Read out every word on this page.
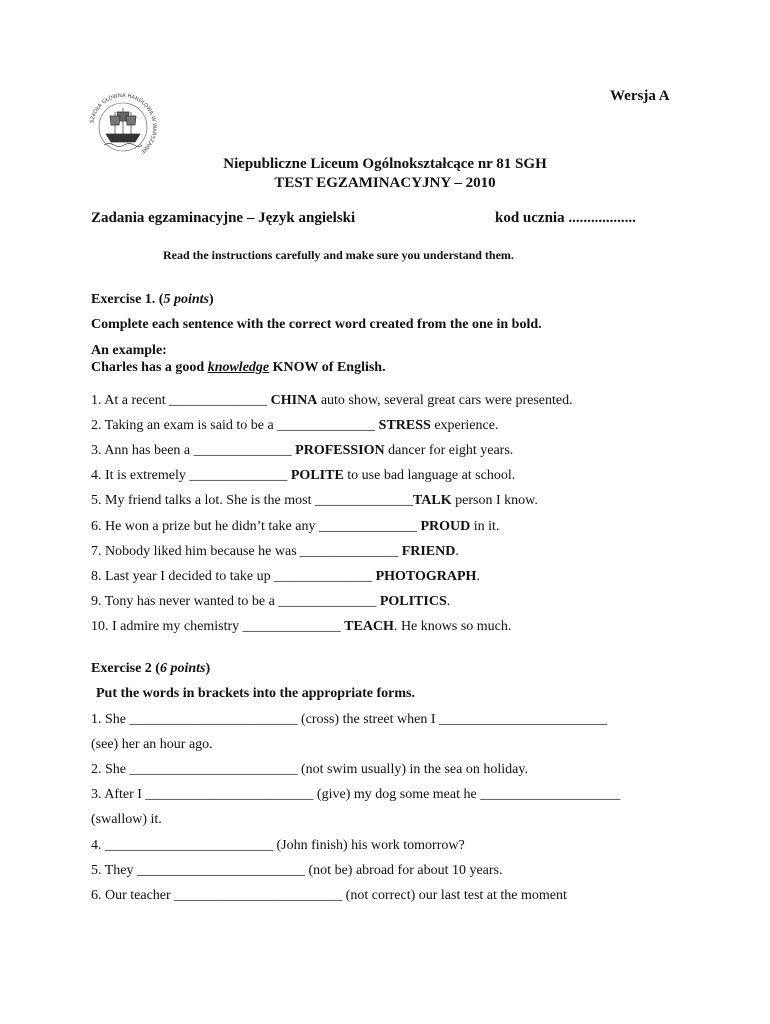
SZKOŁA GŁÓWNA HANDLOWA W WARSZAWIE
Wersja A
Niepubliczne Liceum Ogólnokształcące nr 81 SGH
TEST EGZAMINACYJNY – 2010
Zadania egzaminacyjne – Język angielski	kod ucznia ..................
Read the instructions carefully and make sure you understand them.
Exercise 1. (5 points)
Complete each sentence with the correct word created from the one in bold.
An example:
Charles has a good knowledge KNOW of English.
1. At a recent ______________ CHINA auto show, several great cars were presented.
2. Taking an exam is said to be a ______________ STRESS experience.
3. Ann has been a ______________ PROFESSION dancer for eight years.
4. It is extremely ______________ POLITE to use bad language at school.
5. My friend talks a lot. She is the most ______________TALK person I know.
6. He won a prize but he didn’t take any ______________ PROUD in it.
7. Nobody liked him because he was ______________ FRIEND.
8. Last year I decided to take up ______________ PHOTOGRAPH.
9. Tony has never wanted to be a ______________ POLITICS.
10. I admire my chemistry ______________ TEACH. He knows so much.
Exercise 2 (6 points)
Put the words in brackets into the appropriate forms.
1. She ________________________ (cross) the street when I ________________________
(see) her an hour ago.
2. She ________________________ (not swim usually) in the sea on holiday.
3. After I ________________________ (give) my dog some meat he ____________________
(swallow) it.
4. ________________________ (John finish) his work tomorrow?
5. They ________________________ (not be) abroad for about 10 years.
6. Our teacher ________________________ (not correct) our last test at the moment
